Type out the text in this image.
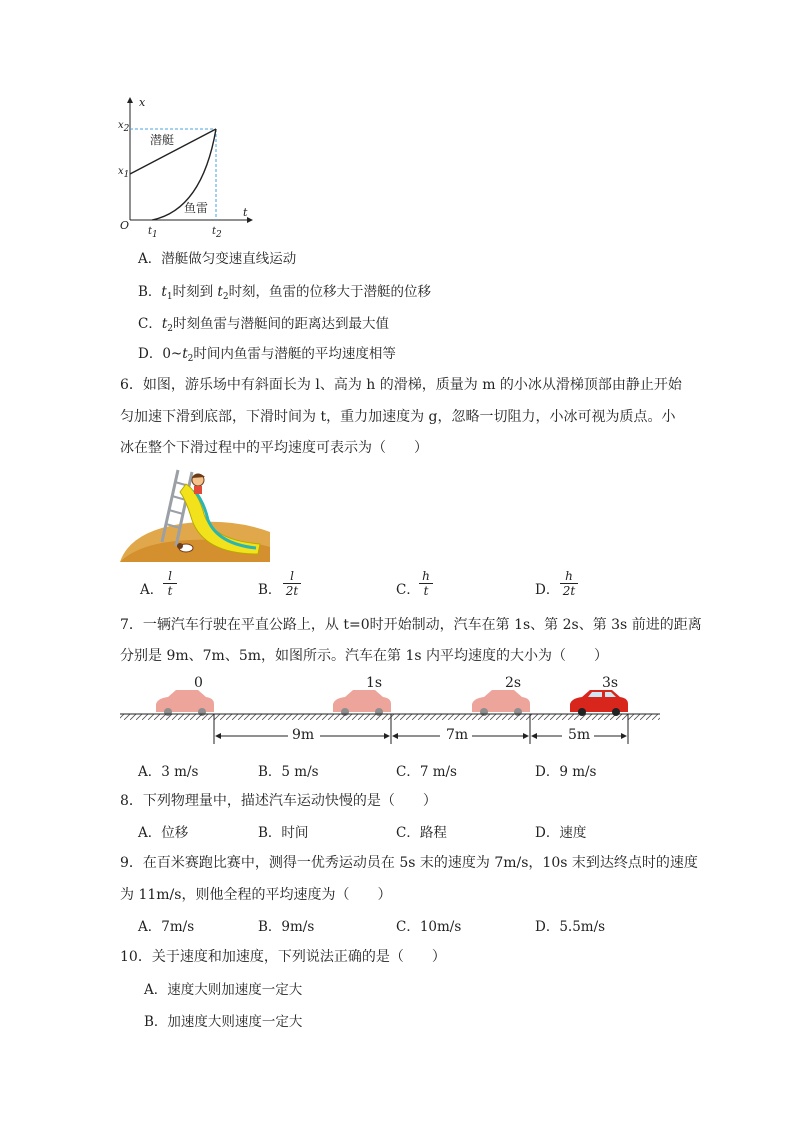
x
t
O
$x_2$
$x_1$
$t_1$	$t_2$
潜艇
鱼雷
A．潜艇做匀变速直线运动
B．$t_1$时刻到 $t_2$时刻，鱼雷的位移大于潜艇的位移
C．$t_2$时刻鱼雷与潜艇间的距离达到最大值
D．$0\sim t_2$时间内鱼雷与潜艇的平均速度相等
6．如图，游乐场中有斜面长为 l、高为 h 的滑梯，质量为 m 的小冰从滑梯顶部由静止开始
匀加速下滑到底部，下滑时间为 t，重力加速度为 g，忽略一切阻力，小冰可视为质点。小
冰在整个下滑过程中的平均速度可表示为（　　）
A． $\frac{l}{t}$	B． $\frac{l}{2t}$	C． $\frac{h}{t}$	D． $\frac{h}{2t}$
7．一辆汽车行驶在平直公路上，从 t=0时开始制动，汽车在第 1s、第 2s、第 3s 前进的距离
分别是 9m、7m、5m，如图所示。汽车在第 1s 内平均速度的大小为（　　）
0	1s	2s	3s
9m	7m	5m
A．3 m/s	B．5 m/s	C．7 m/s	D．9 m/s
8．下列物理量中，描述汽车运动快慢的是（　　）
A．位移	B．时间	C．路程	D．速度
9．在百米赛跑比赛中，测得一优秀运动员在 5s 末的速度为 7m/s，10s 末到达终点时的速度
为 11m/s，则他全程的平均速度为（　　）
A．7m/s	B．9m/s	C．10m/s	D．5.5m/s
10．关于速度和加速度，下列说法正确的是（　　）
A．速度大则加速度一定大
B．加速度大则速度一定大
